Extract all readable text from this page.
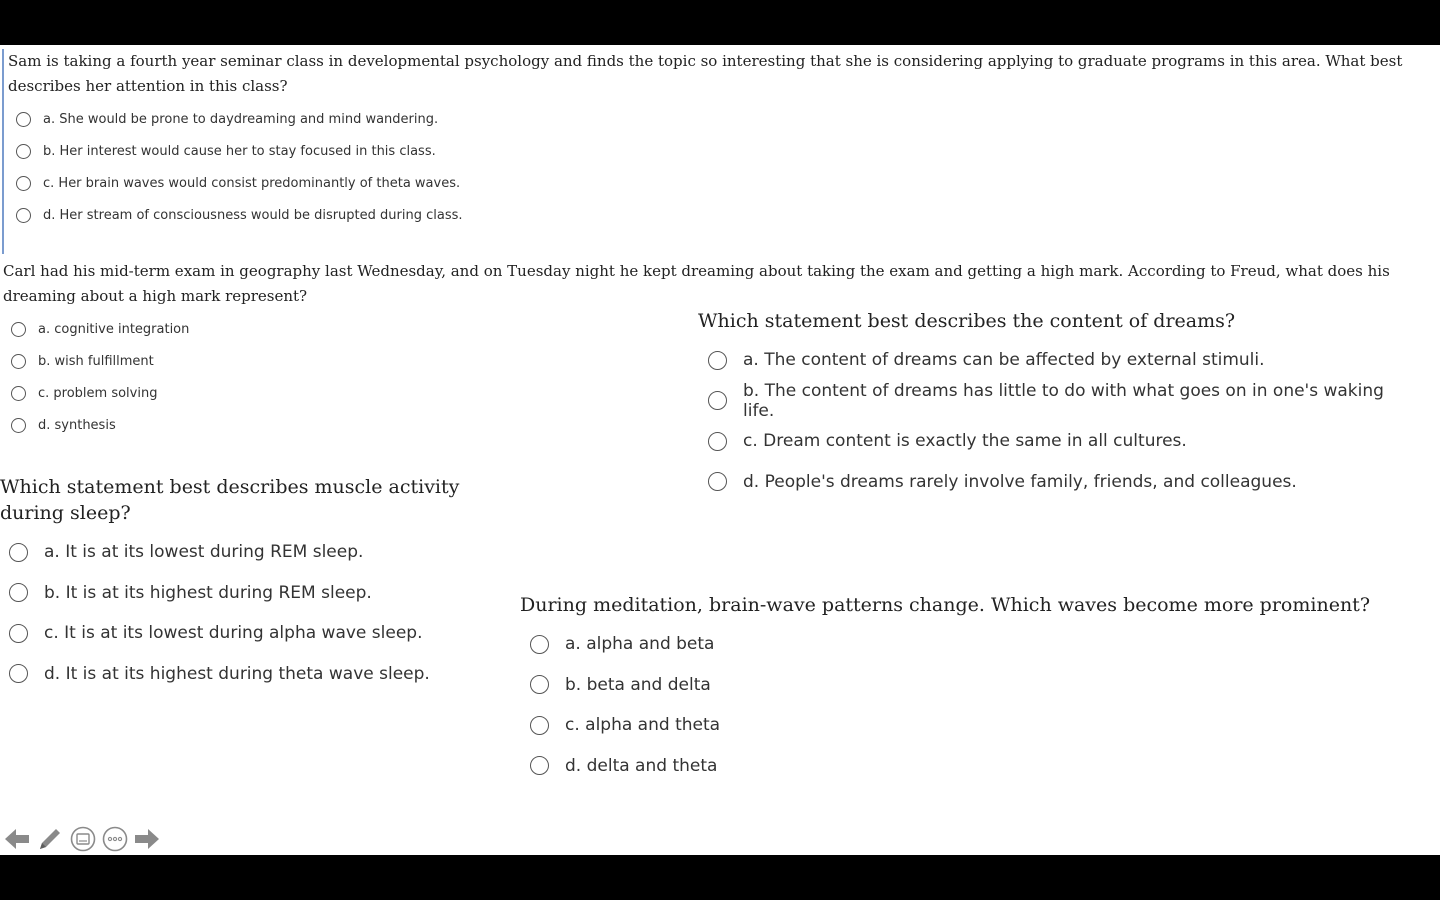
Sam is taking a fourth year seminar class in developmental psychology and finds the topic so interesting that she is considering applying to graduate programs in this area. What best describes her attention in this class?

a. She would be prone to daydreaming and mind wandering.
b. Her interest would cause her to stay focused in this class.
c. Her brain waves would consist predominantly of theta waves.
d. Her stream of consciousness would be disrupted during class.

Carl had his mid-term exam in geography last Wednesday, and on Tuesday night he kept dreaming about taking the exam and getting a high mark. According to Freud, what does his dreaming about a high mark represent?

a. cognitive integration
b. wish fulfillment
c. problem solving
d. synthesis

Which statement best describes the content of dreams?

a. The content of dreams can be affected by external stimuli.
b. The content of dreams has little to do with what goes on in one's waking life.
c. Dream content is exactly the same in all cultures.
d. People's dreams rarely involve family, friends, and colleagues.

Which statement best describes muscle activity during sleep?

a. It is at its lowest during REM sleep.
b. It is at its highest during REM sleep.
c. It is at its lowest during alpha wave sleep.
d. It is at its highest during theta wave sleep.

During meditation, brain-wave patterns change. Which waves become more prominent?

a. alpha and beta
b. beta and delta
c. alpha and theta
d. delta and theta
